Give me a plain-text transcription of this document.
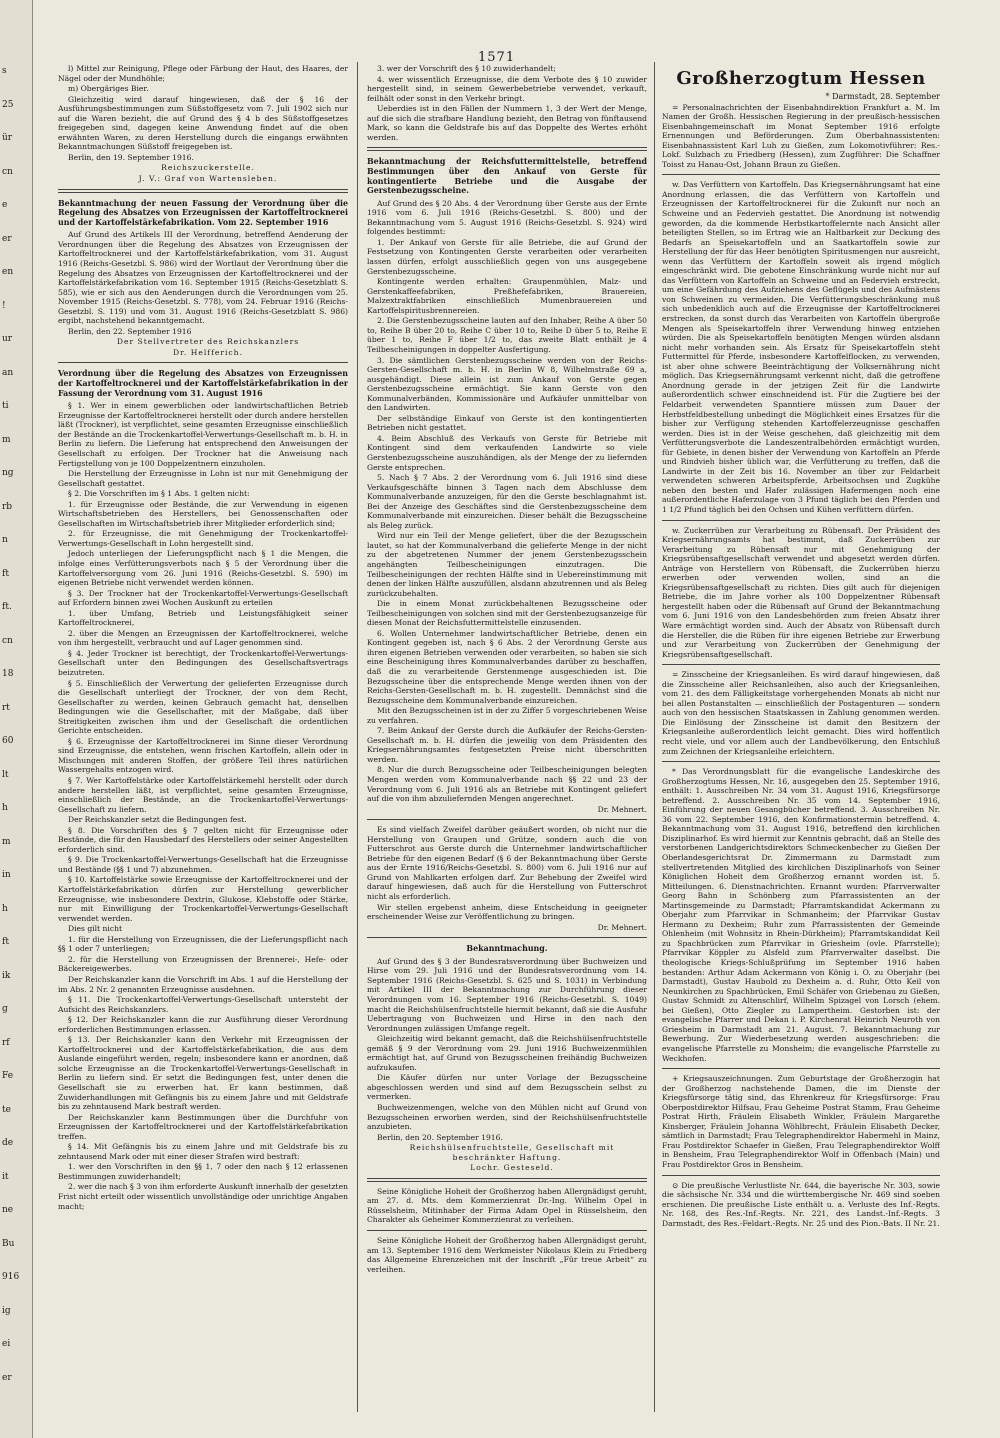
s
25
ür
cn
e
er
en
!
ur
an
ti
m
ng
rb
n
ft
ft.
cn
18
rt
60
lt
h
m
in
h
ft
ik
g
rf
Fe
te
de
it
ne
Bu
916
ig
ei
er
1571

l) Mittel zur Reinigung, Pflege oder Färbung der Haut, des Haares, der Nägel oder der Mundhöhle;

m) Obergäriges Bier.

Gleichzeitig wird darauf hingewiesen, daß der § 16 der Ausführungsbestimmungen zum Süßstoffgesetz vom 7. Juli 1902 sich nur auf die Waren bezieht, die auf Grund des § 4 b des Süßstoffgesetzes freigegeben sind, dagegen keine Anwendung findet auf die oben erwähnten Waren, zu deren Herstellung durch die eingangs erwähnten Bekanntmachungen Süßstoff freigegeben ist.

Berlin, den 19. September 1916.

Reichszuckerstelle.

J. V.: Graf von Wartensleben.

Bekanntmachung der neuen Fassung der Verordnung über die Regelung des Absatzes von Erzeugnissen der Kartoffeltrocknerei und der Kartoffelstärkefabrikation. Vom 22. September 1916

Auf Grund des Artikels III der Verordnung, betreffend Aenderung der Verordnungen über die Regelung des Absatzes von Erzeugnissen der Kartoffeltrocknerei und der Kartoffelstärkefabrikation, vom 31. August 1916 (Reichs-Gesetzbl. S. 986) wird der Wortlaut der Verordnung über die Regelung des Absatzes von Erzeugnissen der Kartoffeltrocknerei und der Kartoffelstärkefabrikation vom 16. September 1915 (Reichs-Gesetzblatt S. 585), wie er sich aus den Aenderungen durch die Verordnungen vom 25. November 1915 (Reichs-Gesetzbl. S. 778), vom 24. Februar 1916 (Reichs-Gesetzbl. S. 119) und vom 31. August 1916 (Reichs-Gesetzblatt S. 986) ergibt, nachstehend bekanntgemacht.

Berlin, den 22. September 1916

Der Stellvertreter des Reichskanzlers

Dr. Helfferich.

Verordnung über die Regelung des Absatzes von Erzeugnissen der Kartoffeltrocknerei und der Kartoffelstärkefabrikation in der Fassung der Verordnung vom 31. August 1916

§ 1. Wer in einem gewerblichen oder landwirtschaftlichen Betrieb Erzeugnisse der Kartoffeltrocknerei herstellt oder durch andere herstellen läßt (Trockner), ist verpflichtet, seine gesamten Erzeugnisse einschließlich der Bestände an die Trockenkartoffel-Verwertungs-Gesellschaft m. b. H. in Berlin zu liefern. Die Lieferung hat entsprechend den Anweisungen der Gesellschaft zu erfolgen. Der Trockner hat die Anweisung nach Fertigstellung von je 100 Doppelzentnern einzuholen.

Die Herstellung der Erzeugnisse in Lohn ist nur mit Genehmigung der Gesellschaft gestattet.

§ 2. Die Vorschriften im § 1 Abs. 1 gelten nicht:

1. für Erzeugnisse oder Bestände, die zur Verwendung in eigenen Wirtschaftsbetrieben des Herstellers, bei Genossenschaften oder Gesellschaften im Wirtschaftsbetrieb ihrer Mitglieder erforderlich sind;

2. für Erzeugnisse, die mit Genehmigung der Trockenkartoffel-Verwertungs-Gesellschaft in Lohn hergestellt sind.

Jedoch unterliegen der Lieferungspflicht nach § 1 die Mengen, die infolge eines Verfütterungsverbots nach § 5 der Verordnung über die Kartoffelversorgung vom 26. Juni 1916 (Reichs-Gesetzbl. S. 590) im eigenen Betriebe nicht verwendet werden können.

§ 3. Der Trockner hat der Trockenkartoffel-Verwertungs-Gesellschaft auf Erfordern binnen zwei Wochen Auskunft zu erteilen

1. über Umfang, Betrieb und Leistungsfähigkeit seiner Kartoffeltrocknerei,

2. über die Mengen an Erzeugnissen der Kartoffeltrocknerei, welche von ihm hergestellt, verbraucht und auf Lager genommen sind.

§ 4. Jeder Trockner ist berechtigt, der Trockenkartoffel-Verwertungs-Gesellschaft unter den Bedingungen des Gesellschaftsvertrags beizutreten.

§ 5. Einschließlich der Verwertung der gelieferten Erzeugnisse durch die Gesellschaft unterliegt der Trockner, der von dem Recht, Gesellschafter zu werden, keinen Gebrauch gemacht hat, denselben Bedingungen wie die Gesellschafter, mit der Maßgabe, daß über Streitigkeiten zwischen ihm und der Gesellschaft die ordentlichen Gerichte entscheiden.

§ 6. Erzeugnisse der Kartoffeltrocknerei im Sinne dieser Verordnung sind Erzeugnisse, die entstehen, wenn frischen Kartoffeln, allein oder in Mischungen mit anderen Stoffen, der größere Teil ihres natürlichen Wassergehalts entzogen wird.

§ 7. Wer Kartoffelstärke oder Kartoffelstärkemehl herstellt oder durch andere herstellen läßt, ist verpflichtet, seine gesamten Erzeugnisse, einschließlich der Bestände, an die Trockenkartoffel-Verwertungs-Gesellschaft zu liefern.

Der Reichskanzler setzt die Bedingungen fest.

§ 8. Die Vorschriften des § 7 gelten nicht für Erzeugnisse oder Bestände, die für den Hausbedarf des Herstellers oder seiner Angestellten erforderlich sind.

§ 9. Die Trockenkartoffel-Verwertungs-Gesellschaft hat die Erzeugnisse und Bestände (§§ 1 und 7) abzunehmen.

§ 10. Kartoffelstärke sowie Erzeugnisse der Kartoffeltrocknerei und der Kartoffelstärkefabrikation dürfen zur Herstellung gewerblicher Erzeugnisse, wie insbesondere Dextrin, Glukose, Klebstoffe oder Stärke, nur mit Einwilligung der Trockenkartoffel-Verwertungs-Gesellschaft verwendet werden.

Dies gilt nicht

1. für die Herstellung von Erzeugnissen, die der Lieferungspflicht nach §§ 1 oder 7 unterliegen;

2. für die Herstellung von Erzeugnissen der Brennerei-, Hefe- oder Bäckereigewerbes.

Der Reichskanzler kann die Vorschrift im Abs. 1 auf die Herstellung der im Abs. 2 Nr. 2 genannten Erzeugnisse ausdehnen.

§ 11. Die Trockenkartoffel-Verwertungs-Gesellschaft untersteht der Aufsicht des Reichskanzlers.

§ 12. Der Reichskanzler kann die zur Ausführung dieser Verordnung erforderlichen Bestimmungen erlassen.

§ 13. Der Reichskanzler kann den Verkehr mit Erzeugnissen der Kartoffeltrocknerei und der Kartoffelstärkefabrikation, die aus dem Auslande eingeführt werden, regeln; insbesondere kann er anordnen, daß solche Erzeugnisse an die Trockenkartoffel-Verwertungs-Gesellschaft in Berlin zu liefern sind. Er setzt die Bedingungen fest, unter denen die Gesellschaft sie zu erwerben hat. Er kann bestimmen, daß Zuwiderhandlungen mit Gefängnis bis zu einem Jahre und mit Geldstrafe bis zu zehntausend Mark bestraft werden.

Der Reichskanzler kann Bestimmungen über die Durchfuhr von Erzeugnissen der Kartoffeltrocknerei und der Kartoffelstärkefabrikation treffen.

§ 14. Mit Gefängnis bis zu einem Jahre und mit Geldstrafe bis zu zehntausend Mark oder mit einer dieser Strafen wird bestraft:

1. wer den Vorschriften in den §§ 1, 7 oder den nach § 12 erlassenen Bestimmungen zuwiderhandelt;

2. wer die nach § 3 von ihm erforderte Auskunft innerhalb der gesetzten Frist nicht erteilt oder wissentlich unvollständige oder unrichtige Angaben macht;

3. wer der Vorschrift des § 10 zuwiderhandelt;

4. wer wissentlich Erzeugnisse, die dem Verbote des § 10 zuwider hergestellt sind, in seinem Gewerbebetriebe verwendet, verkauft, feilhält oder sonst in den Verkehr bringt.

Ueberdies ist in den Fällen der Nummern 1, 3 der Wert der Menge, auf die sich die strafbare Handlung bezieht, den Betrag von fünftausend Mark, so kann die Geldstrafe bis auf das Doppelte des Wertes erhöht werden.

Bekanntmachung der Reichsfuttermittelstelle, betreffend Bestimmungen über den Ankauf von Gerste für kontingentierte Betriebe und die Ausgabe der Gerstenbezugsscheine.

Auf Grund des § 20 Abs. 4 der Verordnung über Gerste aus der Ernte 1916 vom 6. Juli 1916 (Reichs-Gesetzbl. S. 800) und der Bekanntmachung vom 5. August 1916 (Reichs-Gesetzbl. S. 924) wird folgendes bestimmt:

1. Der Ankauf von Gerste für alle Betriebe, die auf Grund der Festsetzung von Kontingenten Gerste verarbeiten oder verarbeiten lassen dürfen, erfolgt ausschließlich gegen von uns ausgegebene Gerstenbezugsscheine.

Kontingente werden erhalten: Graupenmühlen, Malz- und Gerstenkaffeefabriken, Preßhefefabriken, Brauereien, Malzextraktfabriken einschließlich Mumenbrauereien und Kartoffelspiritusbrennereien.

2. Die Gerstenbezugsscheine lauten auf den Inhaber, Reihe A über 50 to, Reihe B über 20 to, Reihe C über 10 to, Reihe D über 5 to, Reihe E über 1 to, Reihe F über 1/2 to, das zweite Blatt enthält je 4 Teilbescheinigungen in doppelter Ausfertigung.

3. Die sämtlichen Gerstenbezugsscheine werden von der Reichs-Gersten-Gesellschaft m. b. H. in Berlin W 8, Wilhelmstraße 69 a, ausgehändigt. Diese allein ist zum Ankauf von Gerste gegen Gerstenbezugsscheine ermächtigt. Sie kann Gerste von den Kommunalverbänden, Kommissionäre und Aufkäufer unmittelbar von den Landwirten.

Der selbständige Einkauf von Gerste ist den kontingentierten Betrieben nicht gestattet.

4. Beim Abschluß des Verkaufs von Gerste für Betriebe mit Kontingent sind dem verkaufenden Landwirte so viele Gerstenbezugsscheine auszuhändigen, als der Menge der zu liefernden Gerste entsprechen.

5. Nach § 7 Abs. 2 der Verordnung vom 6. Juli 1916 sind diese Verkaufsgeschäfte binnen 3 Tagen nach dem Abschlusse dem Kommunalverbande anzuzeigen, für den die Gerste beschlagnahmt ist. Bei der Anzeige des Geschäftes sind die Gerstenbezugsscheine dem Kommunalverbande mit einzureichen. Dieser behält die Bezugsscheine als Beleg zurück.

Wird nur ein Teil der Menge geliefert, über die der Bezugsschein lautet, so hat der Kommunalverband die gelieferte Menge in der nicht zu der abgetretenen Nummer der jenem Gerstenbezugsschein angehängten Teilbescheinigungen einzutragen. Die Teilbescheinigungen der rechten Hälfte sind in Uebereinstimmung mit denen der linken Hälfte auszufüllen, alsdann abzutrennen und als Beleg zurückzubehalten.

Die in einem Monat zurückbehaltenen Bezugsscheine oder Teilbescheinigungen von solchen sind mit der Gerstenbezugsanzeige für diesen Monat der Reichsfuttermittelstelle einzusenden.

6. Wollen Unternehmer landwirtschaftlicher Betriebe, denen ein Kontingent gegeben ist, nach § 6 Abs. 2 der Verordnung Gerste aus ihren eigenen Betrieben verwenden oder verarbeiten, so haben sie sich eine Bescheinigung ihres Kommunalverbandes darüber zu beschaffen, daß die zu verarbeitende Gerstenmenge ausgeschieden ist. Die Bezugsscheine über die entsprechende Menge werden ihnen von der Reichs-Gersten-Gesellschaft m. b. H. zugestellt. Demnächst sind die Bezugsscheine dem Kommunalverbande einzureichen.

Mit den Bezugsscheinen ist in der zu Ziffer 5 vorgeschriebenen Weise zu verfahren.

7. Beim Ankauf der Gerste durch die Aufkäufer der Reichs-Gersten-Gesellschaft m. b. H. dürfen die jeweilig von dem Präsidenten des Kriegsernährungsamtes festgesetzten Preise nicht überschritten werden.

8. Nur die durch Bezugsscheine oder Teilbescheinigungen belegten Mengen werden vom Kommunalverbande nach §§ 22 und 23 der Verordnung vom 6. Juli 1916 als an Betriebe mit Kontingent geliefert auf die von ihm abzuliefernden Mengen angerechnet.

Dr. Mehnert.

Es sind vielfach Zweifel darüber geäußert worden, ob nicht nur die Herstellung von Graupen und Grütze, sondern auch die von Futterschrot aus Gerste durch die Unternehmer landwirtschaftlicher Betriebe für den eigenen Bedarf (§ 6 der Bekanntmachung über Gerste aus der Ernte 1916/Reichs-Gesetzbl. S. 800) vom 6. Juli 1916 nur auf Grund von Mahlkarten erfolgen darf. Zur Behebung der Zweifel wird darauf hingewiesen, daß auch für die Herstellung von Futterschrot nicht als erforderlich.

Wir stellen ergebenst anheim, diese Entscheidung in geeigneter erscheinender Weise zur Veröffentlichung zu bringen.

Dr. Mehnert.

Bekanntmachung.

Auf Grund des § 3 der Bundesratsverordnung über Buchweizen und Hirse vom 29. Juli 1916 und der Bundesratsverordnung vom 14. September 1916 (Reichs-Gesetzbl. S. 625 und S. 1031) in Verbindung mit Artikel III der Bekanntmachung zur Durchführung dieser Verordnungen vom 16. September 1916 (Reichs-Gesetzbl. S. 1049) macht die Reichshülsenfruchtstelle hiermit bekannt, daß sie die Ausfuhr Uebertragung von Buchweizen und Hirse in den nach den Verordnungen zulässigen Umfange regelt.

Gleichzeitig wird bekannt gemacht, daß die Reichshülsenfruchtstelle gemäß § 9 der Verordnung vom 29. Juni 1916 Buchweizenmühlen ermächtigt hat, auf Grund von Bezugsscheinen freihändig Buchweizen aufzukaufen.

Die Käufer dürfen nur unter Vorlage der Bezugsscheine abgeschlossen werden und sind auf dem Bezugsschein selbst zu vermerken.

Buchweizenmengen, welche von den Mühlen nicht auf Grund von Bezugsscheinen erworben werden, sind der Reichshülsenfruchtstelle anzubieten.

Berlin, den 20. September 1916.

Reichshülsenfruchtstelle, Gesellschaft mit beschränkter Haftung.

Lochr. Gesteseld.

Seine Königliche Hoheit der Großherzog haben Allergnädigst geruht, am 27. d. Mts. dem Kommerzienrat Dr.-Ing. Wilhelm Opel in Rüsselsheim, Mitinhaber der Firma Adam Opel in Rüsselsheim, den Charakter als Geheimer Kommerzienrat zu verleihen.

Seine Königliche Hoheit der Großherzog haben Allergnädigst geruht, am 13. September 1916 dem Werkmeister Nikolaus Klein zu Friedberg das Allgemeine Ehrenzeichen mit der Inschrift „Für treue Arbeit“ zu verleihen.

Großherzogtum Hessen

* Darmstadt, 28. September

= Personalnachrichten der Eisenbahndirektion Frankfurt a. M. Im Namen der Großh. Hessischen Regierung in der preußisch-hessischen Eisenbahngemeinschaft im Monat September 1916 erfolgte Ernennungen und Beförderungen. Zum Oberbahnassistenten: Eisenbahnassistent Karl Luh zu Gießen, zum Lokomotivführer: Res.-Lokf. Sulzbach zu Friedberg (Hessen), zum Zugführer: Die Schaffner Toisst zu Hanau-Ost, Johann Braun zu Gießen.

w. Das Verfüttern von Kartoffeln. Das Kriegsernährungsamt hat eine Anordnung erlassen, die das Verfüttern von Kartoffeln und Erzeugnissen der Kartoffeltrocknerei für die Zukunft nur noch an Schweine und an Federvieh gestattet. Die Anordnung ist notwendig geworden, da die kommende Herbstkartoffelernte nach Ansicht aller beteiligten Stellen, so im Ertrag wie an Haltbarkeit zur Deckung des Bedarfs an Speisekartoffeln und an Saatkartoffeln sowie zur Herstellung der für das Heer benötigten Spiritusmengen nur ausreicht, wenn das Verfüttern der Kartoffeln soweit als irgend möglich eingeschränkt wird. Die gebotene Einschränkung wurde nicht nur auf das Verfüttern von Kartoffeln an Schweine und an Federvieh erstreckt, um eine Gefährdung des Aufziehens des Geflügels und des Aufmästens von Schweinen zu vermeiden. Die Verfütterungsbeschränkung muß sich unbedenklich auch auf die Erzeugnisse der Kartoffeltrocknerei erstrecken, da sonst durch das Verarbeiten von Kartoffeln übergroße Mengen als Speisekartoffeln ihrer Verwendung hinweg entziehen würden. Die als Speisekartoffeln benötigten Mengen würden alsdann nicht mehr vorhanden sein. Als Ersatz für Speisekartoffeln steht Futtermittel für Pferde, insbesondere Kartoffelflocken, zu verwenden, ist aber ohne schwere Beeinträchtigung der Volksernährung nicht möglich. Das Kriegsernährungsamt verkennt nicht, daß die getroffene Anordnung gerade in der jetzigen Zeit für die Landwirte außerordentlich schwer einschneidend ist. Für die Zugtiere bei der Feldarbeit verwendeten Spanntiere müssen zum Dauer der Herbstfeldbestellung unbedingt die Möglichkeit eines Ersatzes für die bisher zur Verfügung stehenden Kartoffelerzeugnisse geschaffen werden. Dies ist in der Weise geschehen, daß gleichzeitig mit dem Verfütterungsverbote die Landeszentralbehörden ermächtigt wurden, für Gebiete, in denen bisher der Verwendung von Kartoffeln an Pferde und Rindvieh bisher üblich war, die Verfütterung zu treffen, daß die Landwirte in der Zeit bis 16. November an über zur Feldarbeit verwendeten schweren Arbeitspferde, Arbeitsochsen und Zugkühe neben den besten und Hafer zulässigen Hafermengen noch eine außerordentliche Haferzulage von 3 Pfund täglich bei den Pferden und 1 1/2 Pfund täglich bei den Ochsen und Kühen verfüttern dürfen.

w. Zuckerrüben zur Verarbeitung zu Rübensaft. Der Präsident des Kriegsernährungsamts hat bestimmt, daß Zuckerrüben zur Verarbeitung zu Rübensaft nur mit Genehmigung der Kriegsrübensaftgesellschaft verwendet und abgesetzt werden dürfen. Anträge von Herstellern von Rübensaft, die Zuckerrüben hierzu erwerben oder verwenden wollen, sind an die Kriegsrübensaftgesellschaft zu richten. Dies gilt auch für diejenigen Betriebe, die im Jahre vorher als 100 Doppelzentner Rübensaft hergestellt haben oder die Rübensaft auf Grund der Bekanntmachung vom 6. Juni 1916 von den Landesbehörden zum freien Absatz ihrer Ware ermächtigt worden sind. Auch der Absatz von Rübensaft durch die Hersteller, die die Rüben für ihre eigenen Betriebe zur Erwerbung und zur Verarbeitung von Zuckerrüben der Genehmigung der Kriegsrübensaftgesellschaft.

= Zinsscheine der Kriegsanleihen. Es wird darauf hingewiesen, daß die Zinsscheine aller Reichsanleihen, also auch der Kriegsanleihen, vom 21. des dem Fälligkeitstage vorhergehenden Monats ab nicht nur bei allen Postanstalten — einschließlich der Postagenturen — sondern auch von den hessischen Staatskassen in Zahlung genommen werden. Die Einlösung der Zinsscheine ist damit den Besitzern der Kriegsanleihe außerordentlich leicht gemacht. Dies wird hoffentlich recht viele, und vor allem auch der Landbevölkerung, den Entschluß zum Zeichnen der Kriegsanleihe erleichtern.

* Das Verordnungsblatt für die evangelische Landeskirche des Großherzogtums Hessen, Nr. 16, ausgegeben den 25. September 1916, enthält: 1. Ausschreiben Nr. 34 vom 31. August 1916, Kriegsfürsorge betreffend. 2. Ausschreiben Nr. 35 vom 14. September 1916, Einführung der neuen Gesangbücher betreffend. 3. Ausschreiben Nr. 36 vom 22. September 1916, den Konfirmationstermin betreffend. 4. Bekanntmachung vom 31. August 1916, betreffend den kirchlichen Disziplinarhof. Es wird hiermit zur Kenntnis gebracht, daß an Stelle des verstorbenen Landgerichtsdirektors Schmeckenbecher zu Gießen Der Oberlandesgerichtsrat Dr. Zimmermann zu Darmstadt zum stellvertretenden Mitglied des kirchlichen Disziplinarhofs von Seiner Königlichen Hoheit dem Großherzog ernannt worden ist. 5. Mitteilungen. 6. Dienstnachrichten. Ernannt wurden: Pfarrverwalter Georg Bahn in Schönberg zum Pfarrassistenten an der Martinsgemeinde zu Darmstadt; Pfarramtskandidat Ackermann zu Oberjahr zum Pfarrvikar in Schmanheim; der Pfarrvikar Gustav Hermann zu Dexheim; Ruhr zum Pfarrassistenten der Gemeinde Ohlenheim (mit Wohnsitz in Rhein-Dürkheim); Pfarramtskandidat Keil zu Spachbrücken zum Pfarrvikar in Griesheim (ovle. Pfarrstelle); Pfarrvikar Köppler zu Alsfeld zum Pfarrverwalter daselbst. Die theologische Kriegs-Schlußprüfung im September 1916 haben bestanden: Arthur Adam Ackermann von König i. O. zu Oberjahr (bei Darmstadt), Gustav Haubold zu Dexheim a. d. Ruhr, Otto Keil von Neunkirchen zu Spachbrücken, Emil Schäfer von Griebenau zu Gießen, Gustav Schmidt zu Altenschlirf, Wilhelm Spizagel von Lorsch (ehem. bei Gießen), Otto Ziegler zu Lampertheim. Gestorben ist: der evangelische Pfarrer und Dekan i. P. Kirchenrat Heinrich Neuroth von Griesheim in Darmstadt am 21. August. 7. Bekanntmachung zur Bewerbung. Zur Wiederbesetzung werden ausgeschrieben: die evangelische Pfarrstelle zu Monsheim; die evangelische Pfarrstelle zu Weckhofen.

+ Kriegsauszeichnungen. Zum Geburtstage der Großherzogin hat der Großherzog nachstehende Damen, die im Dienste der Kriegsfürsorge tätig sind, das Ehrenkreuz für Kriegsfürsorge: Frau Oberpostdirektor Hilfsau, Frau Geheime Postrat Stamm, Frau Geheime Postrat Hirth, Fräulein Elisabeth Winkler, Fräulein Margarethe Kinsberger, Fräulein Johanna Wöhlbrecht, Fräulein Elisabeth Decker, sämtlich in Darmstadt; Frau Telegraphendirektor Habermehl in Mainz, Frau Postdirektor Schaefer in Gießen, Frau Telegraphendirektor Wolff in Bensheim, Frau Telegraphendirektor Wolf in Offenbach (Main) und Frau Postdirektor Gros in Bensheim.

⊙ Die preußische Verlustliste Nr. 644, die bayerische Nr. 303, sowie die sächsische Nr. 334 und die württembergische Nr. 469 sind soeben erschienen. Die preußische Liste enthält u. a. Verluste des Inf.-Regts. Nr. 168, des Res.-Inf.-Regts. Nr. 221, des Landst.-Inf.-Regts. 3 Darmstadt, des Res.-Feldart.-Regts. Nr. 25 und des Pion.-Bats. II Nr. 21.
